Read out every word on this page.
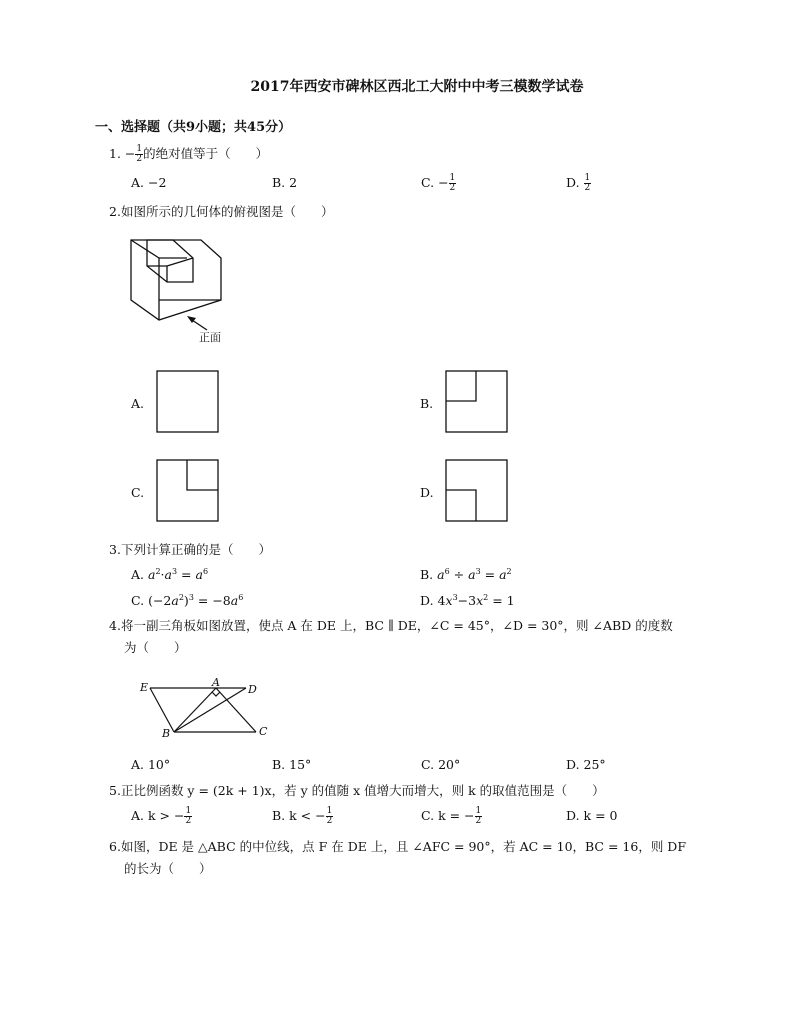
2017年西安市碑林区西北工大附中中考三模数学试卷
一、选择题（共9小题；共45分）
1. − $\frac{1}{2}$ 的绝对值等于（　　）
A. −2	B. 2	C. − $\frac{1}{2}$	D. $\frac{1}{2}$
2.如图所示的几何体的俯视图是（　　）
正面
A.	B.
C.	D.
3.下列计算正确的是（　　）
A. $a^2\cdot a^3 = a^6$	B. $a^6 \div a^3 = a^2$
C. $(-2a^2)^3 = -8a^6$	D. $4x^3-3x^2 = 1$
4.将一副三角板如图放置，使点 A 在 DE 上，BC ∥ DE，∠C = 45°，∠D = 30°，则 ∠ABD 的度数
为（　　）
E	A
D
B	C
A. 10°	B. 15°	C. 20°	D. 25°
5.正比例函数 y = (2k + 1)x，若 y 的值随 x 值增大而增大，则 k 的取值范围是（　　）
A. k > − $\frac{1}{2}$	B. k < − $\frac{1}{2}$	C. k = − $\frac{1}{2}$	D. k = 0
6.如图，DE 是 △ABC 的中位线，点 F 在 DE 上，且 ∠AFC = 90°，若 AC = 10，BC = 16，则 DF
的长为（　　）
